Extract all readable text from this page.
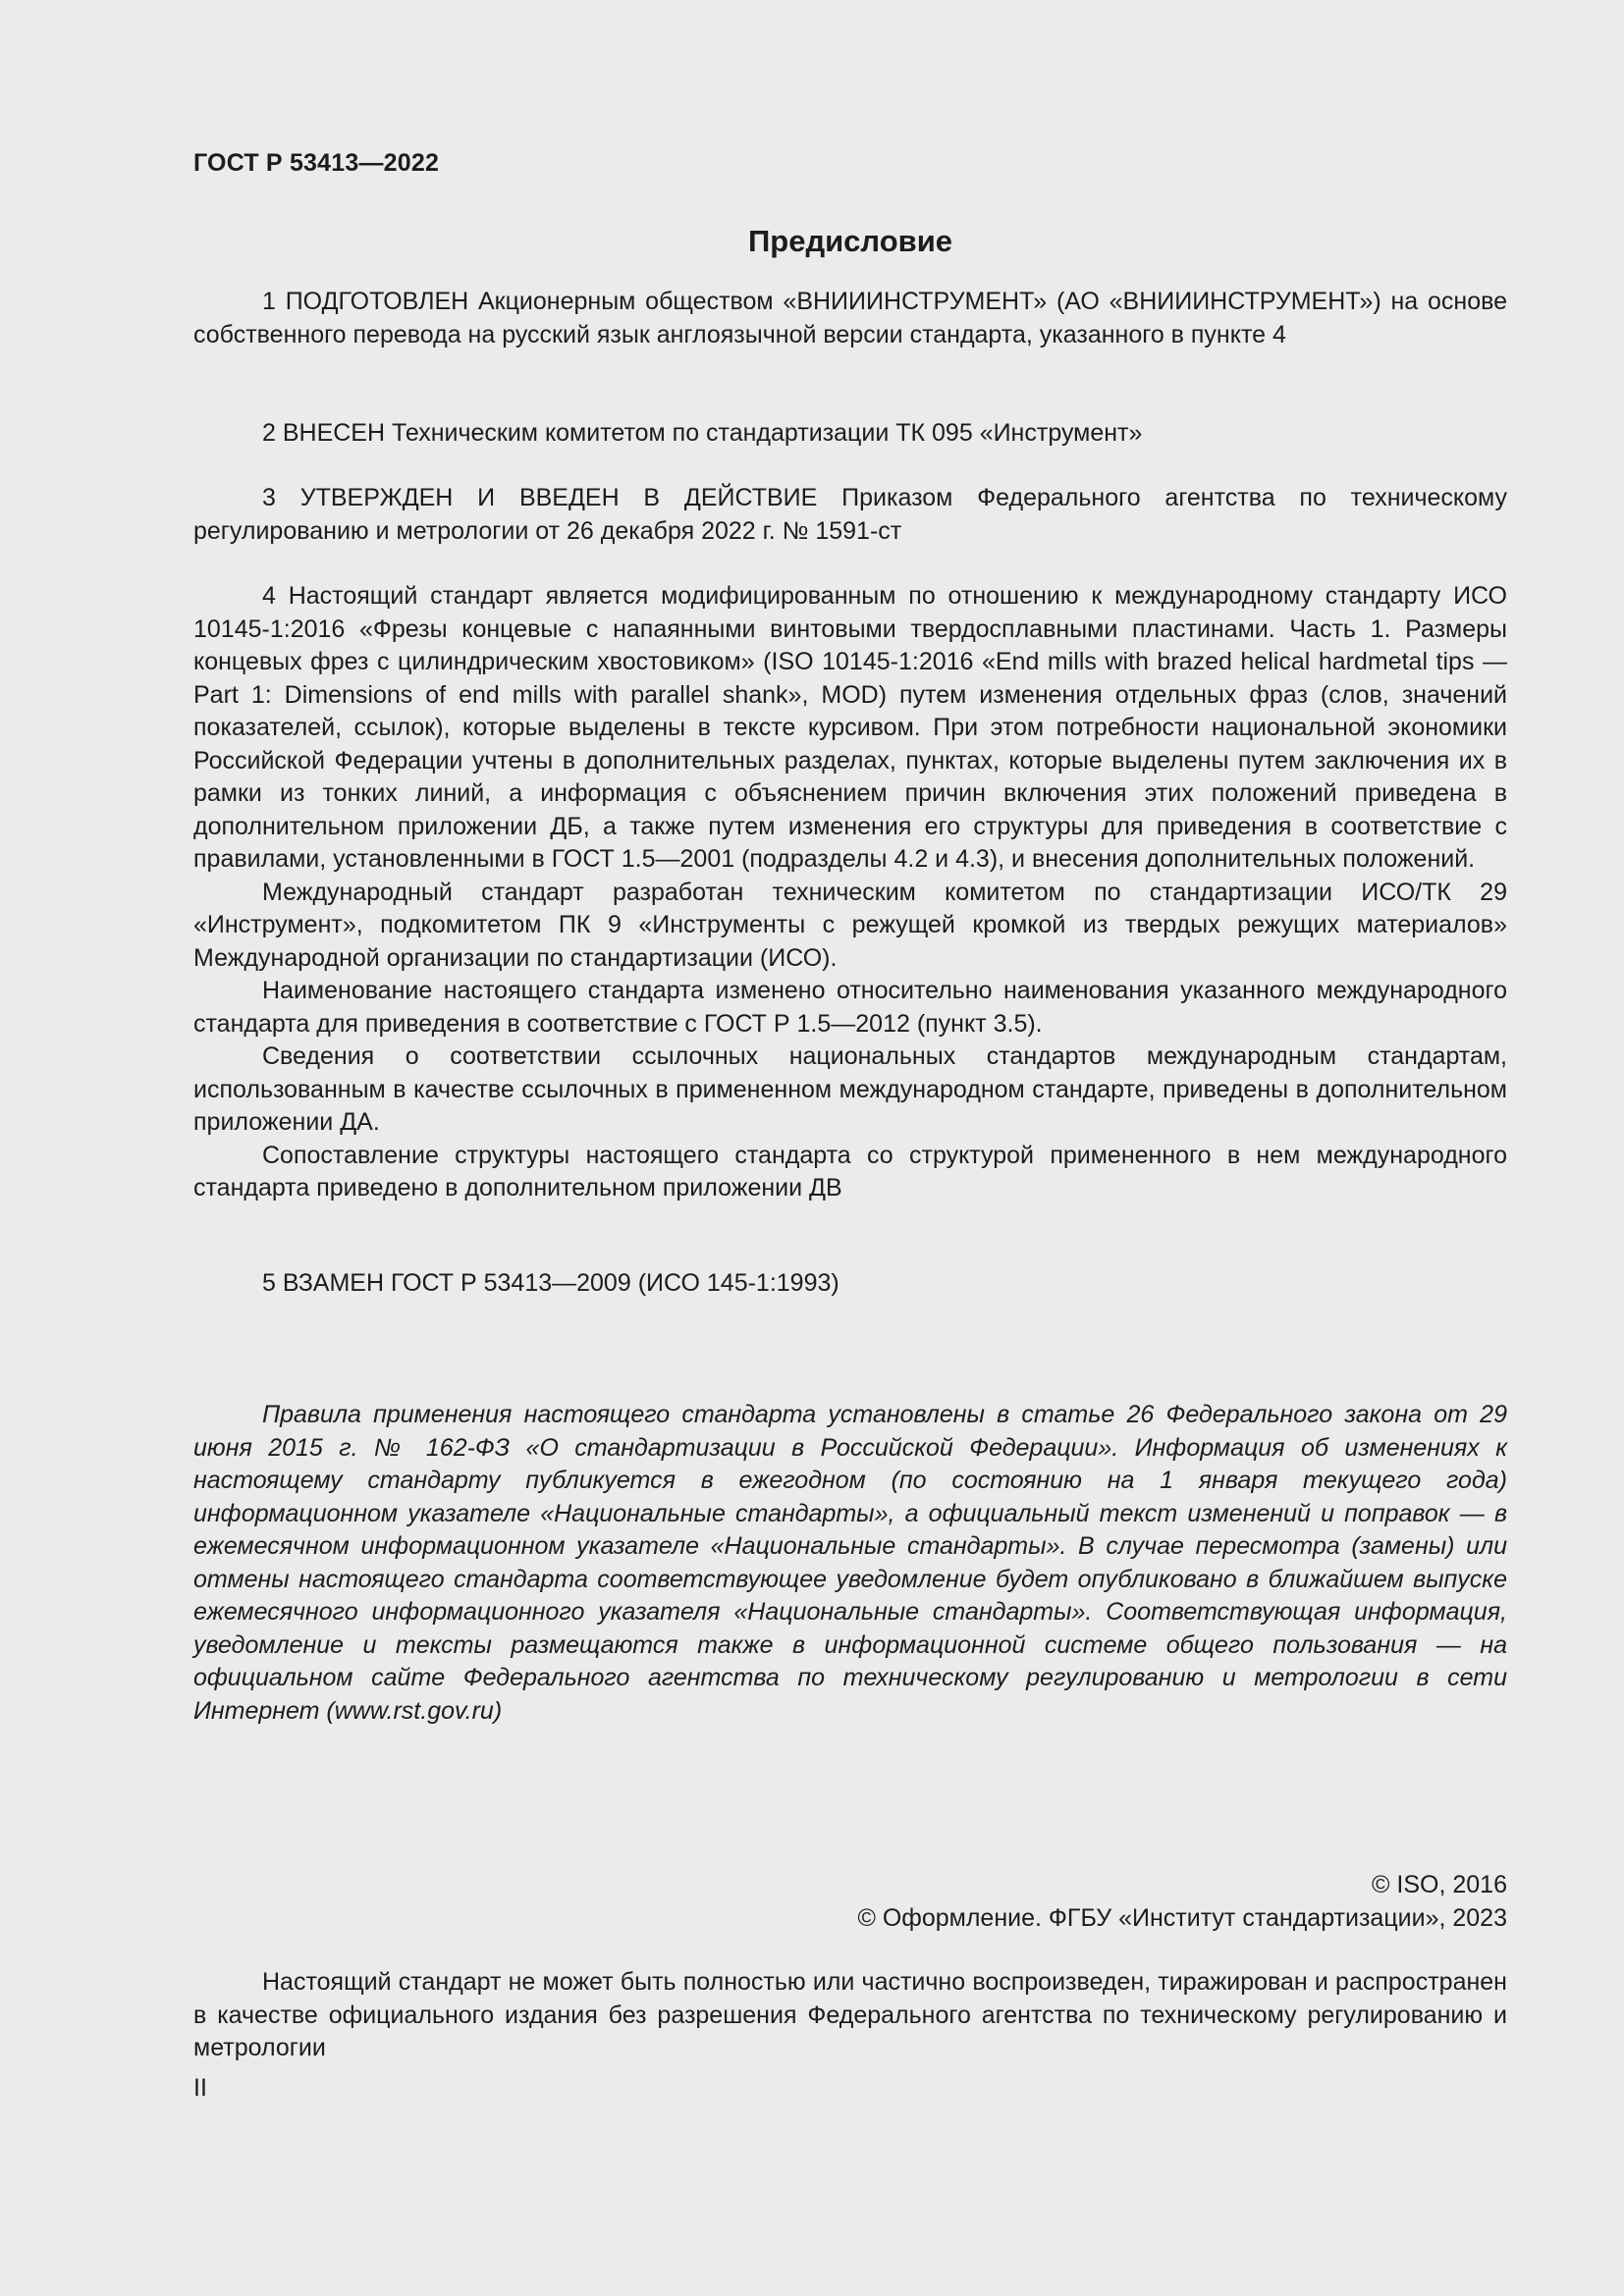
ГОСТ Р 53413—2022
Предисловие

1 ПОДГОТОВЛЕН Акционерным обществом «ВНИИИНСТРУМЕНТ» (АО «ВНИИИНСТРУМЕНТ») на основе собственного перевода на русский язык англоязычной версии стандарта, указанного в пункте 4

2 ВНЕСЕН Техническим комитетом по стандартизации ТК 095 «Инструмент»

3 УТВЕРЖДЕН И ВВЕДЕН В ДЕЙСТВИЕ Приказом Федерального агентства по техническому регулированию и метрологии от 26 декабря 2022 г. № 1591-ст

4 Настоящий стандарт является модифицированным по отношению к международному стандарту ИСО 10145-1:2016 «Фрезы концевые с напаянными винтовыми твердосплавными пластинами. Часть 1. Размеры концевых фрез с цилиндрическим хвостовиком» (ISO 10145-1:2016 «End mills with brazed helical hardmetal tips — Part 1: Dimensions of end mills with parallel shank», MOD) путем изменения отдельных фраз (слов, значений показателей, ссылок), которые выделены в тексте курсивом. При этом потребности национальной экономики Российской Федерации учтены в дополнительных разделах, пунктах, которые выделены путем заключения их в рамки из тонких линий, а информация с объяснением причин включения этих положений приведена в дополнительном приложении ДБ, а также путем изменения его структуры для приведения в соответствие с правилами, установленными в ГОСТ 1.5—2001 (подразделы 4.2 и 4.3), и внесения дополнительных положений.

Международный стандарт разработан техническим комитетом по стандартизации ИСО/ТК 29 «Инструмент», подкомитетом ПК 9 «Инструменты с режущей кромкой из твердых режущих материалов» Международной организации по стандартизации (ИСО).

Наименование настоящего стандарта изменено относительно наименования указанного международного стандарта для приведения в соответствие с ГОСТ Р 1.5—2012 (пункт 3.5).

Сведения о соответствии ссылочных национальных стандартов международным стандартам, использованным в качестве ссылочных в примененном международном стандарте, приведены в дополнительном приложении ДА.

Сопоставление структуры настоящего стандарта со структурой примененного в нем международного стандарта приведено в дополнительном приложении ДВ

5 ВЗАМЕН ГОСТ Р 53413—2009 (ИСО 145-1:1993)

Правила применения настоящего стандарта установлены в статье 26 Федерального закона от 29 июня 2015 г. № 162-ФЗ «О стандартизации в Российской Федерации». Информация об изменениях к настоящему стандарту публикуется в ежегодном (по состоянию на 1 января текущего года) информационном указателе «Национальные стандарты», а официальный текст изменений и поправок — в ежемесячном информационном указателе «Национальные стандарты». В случае пересмотра (замены) или отмены настоящего стандарта соответствующее уведомление будет опубликовано в ближайшем выпуске ежемесячного информационного указателя «Национальные стандарты». Соответствующая информация, уведомление и тексты размещаются также в информационной системе общего пользования — на официальном сайте Федерального агентства по техническому регулированию и метрологии в сети Интернет (www.rst.gov.ru)

© ISO, 2016
© Оформление. ФГБУ «Институт стандартизации», 2023

Настоящий стандарт не может быть полностью или частично воспроизведен, тиражирован и распространен в качестве официального издания без разрешения Федерального агентства по техническому регулированию и метрологии

II
